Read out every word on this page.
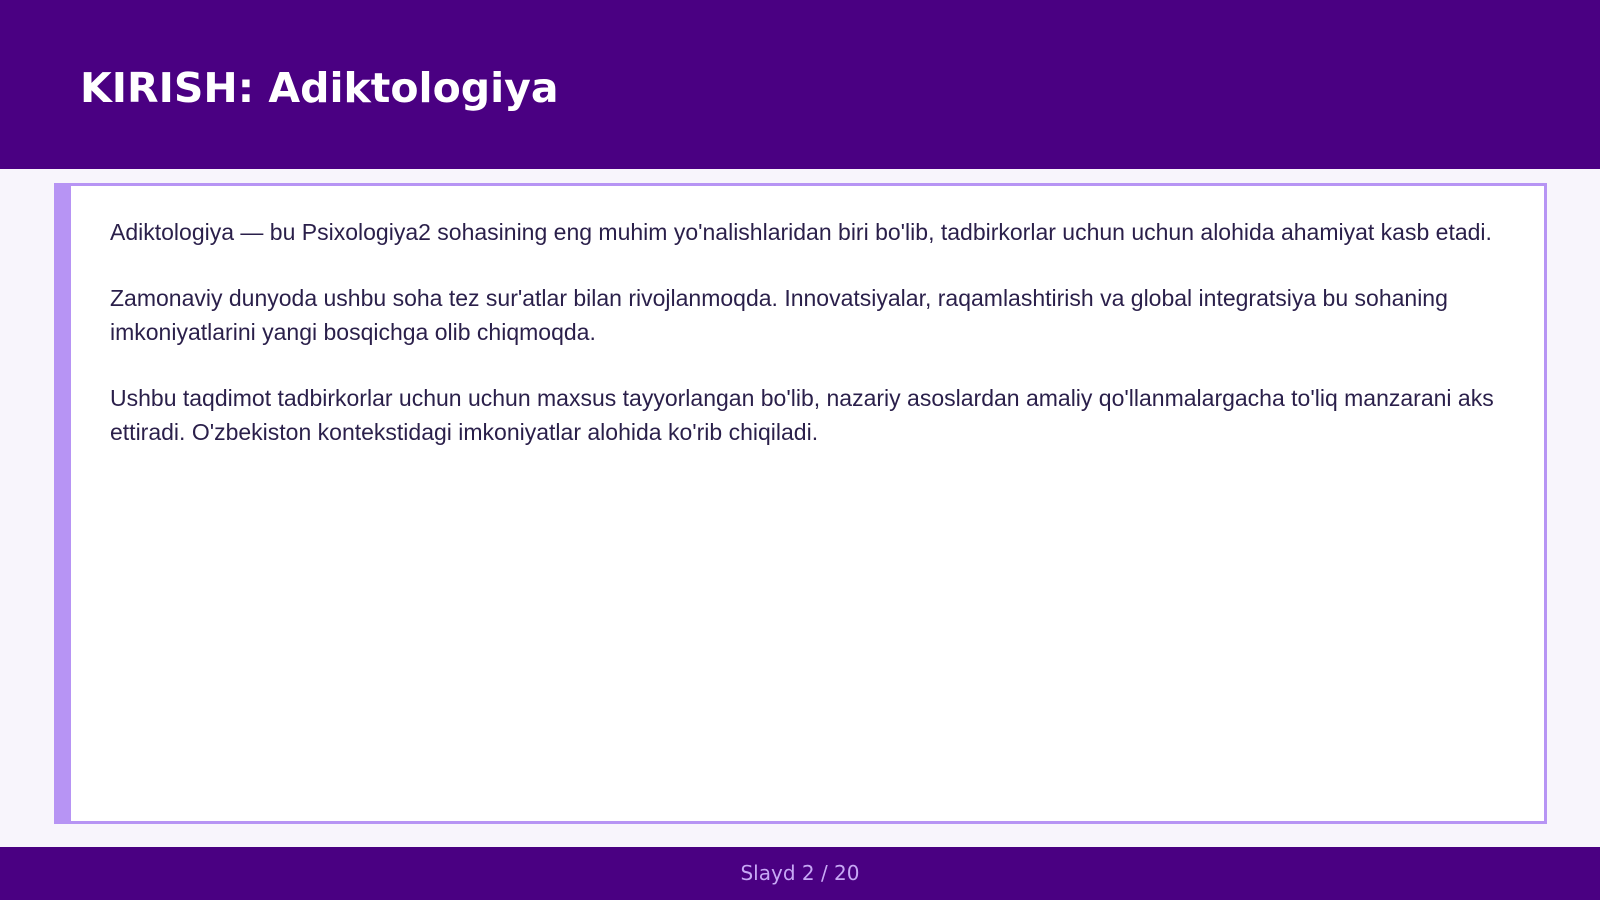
KIRISH: Adiktologiya

Adiktologiya — bu Psixologiya2 sohasining eng muhim yo'nalishlaridan biri bo'lib, tadbirkorlar uchun uchun alohida ahamiyat kasb etadi.

Zamonaviy dunyoda ushbu soha tez sur'atlar bilan rivojlanmoqda. Innovatsiyalar, raqamlashtirish va global integratsiya bu sohaning imkoniyatlarini yangi bosqichga olib chiqmoqda.

Ushbu taqdimot tadbirkorlar uchun uchun maxsus tayyorlangan bo'lib, nazariy asoslardan amaliy qo'llanmalargacha to'liq manzarani aks ettiradi. O'zbekiston kontekstidagi imkoniyatlar alohida ko'rib chiqiladi.

Slayd 2 / 20
